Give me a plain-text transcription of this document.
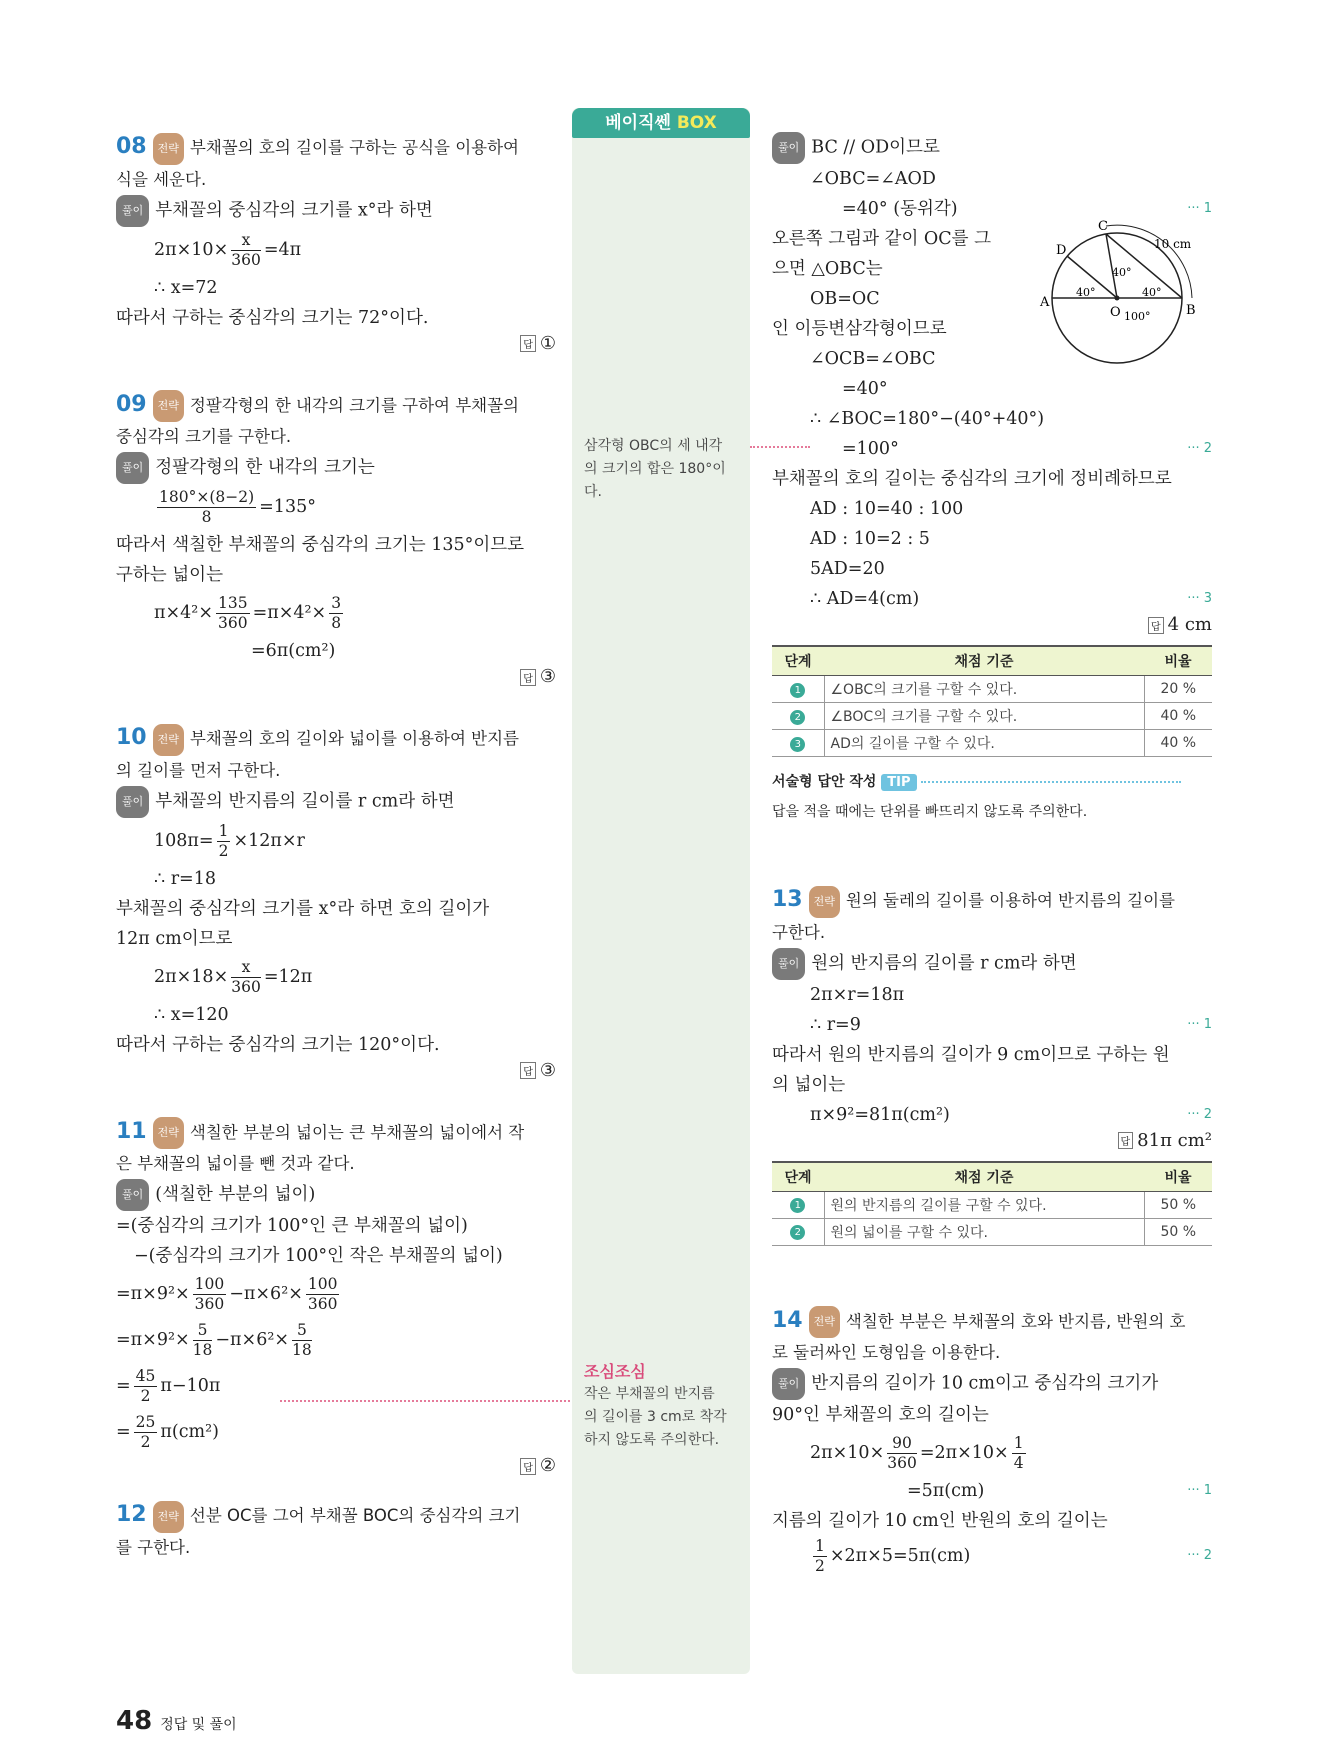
베이직쎈 BOX
삼각형 OBC의 세 내각
의 크기의 합은 180°이
다.
조심조심
작은 부채꼴의 반지름
의 길이를 3 cm로 착각
하지 않도록 주의한다.
08 전략 부채꼴의 호의 길이를 구하는 공식을 이용하여
식을 세운다.
풀이 부채꼴의 중심각의 크기를 x°라 하면
$2\pi\times 10\times \frac{x}{360} =4\pi$
∴ x=72
따라서 구하는 중심각의 크기는 72°이다.
답 ①
09 전략 정팔각형의 한 내각의 크기를 구하여 부채꼴의
중심각의 크기를 구한다.
풀이 정팔각형의 한 내각의 크기는
$\frac{180^\circ\times(8-2)}{8} =135^\circ$
따라서 색칠한 부채꼴의 중심각의 크기는 135°이므로
구하는 넓이는
$\pi\times 4^2\times \frac{135}{360} =\pi\times 4^2\times \frac{3}{8}$
=6π(cm²)
답 ③
10 전략 부채꼴의 호의 길이와 넓이를 이용하여 반지름
의 길이를 먼저 구한다.
풀이 부채꼴의 반지름의 길이를 r cm라 하면
$108\pi= \frac{1}{2} \times 12\pi\times r$
∴ r=18
부채꼴의 중심각의 크기를 x°라 하면 호의 길이가
12π cm이므로
$2\pi\times 18\times \frac{x}{360} =12\pi$
∴ x=120
따라서 구하는 중심각의 크기는 120°이다.
답 ③
11 전략 색칠한 부분의 넓이는 큰 부채꼴의 넓이에서 작
은 부채꼴의 넓이를 뺀 것과 같다.
풀이 (색칠한 부분의 넓이)
=(중심각의 크기가 100°인 큰 부채꼴의 넓이)
−(중심각의 크기가 100°인 작은 부채꼴의 넓이)
$=\pi\times 9^2\times \frac{100}{360} -\pi\times 6^2\times \frac{100}{360}$
$=\pi\times 9^2\times \frac{5}{18} -\pi\times 6^2\times \frac{5}{18}$
= $\frac{45}{2} \pi-10\pi$
= $\frac{25}{2} \pi(cm^2)$
답 ②
12 전략 선분 OC를 그어 부채꼴 BOC의 중심각의 크기
를 구한다.
A
B
C
D
O
10 cm
40°
40°
40°
100°
풀이 BC // OD이므로
∠OBC=∠AOD
=40° (동위각)	··· 1
오른쪽 그림과 같이 OC를 그
으면 △OBC는
OB=OC
인 이등변삼각형이므로
∠OCB=∠OBC
=40°
∴ ∠BOC=180°−(40°+40°)
=100°	··· 2
부채꼴의 호의 길이는 중심각의 크기에 정비례하므로
AD : 10=40 : 100
AD : 10=2 : 5
5AD=20
∴ AD=4(cm)	··· 3
답 4 cm
단계	채점 기준	비율
1	∠OBC의 크기를 구할 수 있다.	20 %
2	∠BOC의 크기를 구할 수 있다.	40 %
3	AD의 길이를 구할 수 있다.	40 %
서술형 답안 작성 TIP
답을 적을 때에는 단위를 빠뜨리지 않도록 주의한다.
13 전략 원의 둘레의 길이를 이용하여 반지름의 길이를
구한다.
풀이 원의 반지름의 길이를 r cm라 하면
2π×r=18π
∴ r=9	··· 1
따라서 원의 반지름의 길이가 9 cm이므로 구하는 원
의 넓이는
π×9²=81π(cm²)	··· 2
답 81π cm²
단계	채점 기준	비율
1	원의 반지름의 길이를 구할 수 있다.	50 %
2	원의 넓이를 구할 수 있다.	50 %
14 전략 색칠한 부분은 부채꼴의 호와 반지름, 반원의 호
로 둘러싸인 도형임을 이용한다.
풀이 반지름의 길이가 10 cm이고 중심각의 크기가
90°인 부채꼴의 호의 길이는
$2\pi\times 10\times \frac{90}{360} =2\pi\times 10\times \frac{1}{4}$
=5π(cm)	··· 1
지름의 길이가 10 cm인 반원의 호의 길이는
$\frac{1}{2} \times 2\pi\times 5=5\pi(cm)$	··· 2
48 정답 및 풀이
